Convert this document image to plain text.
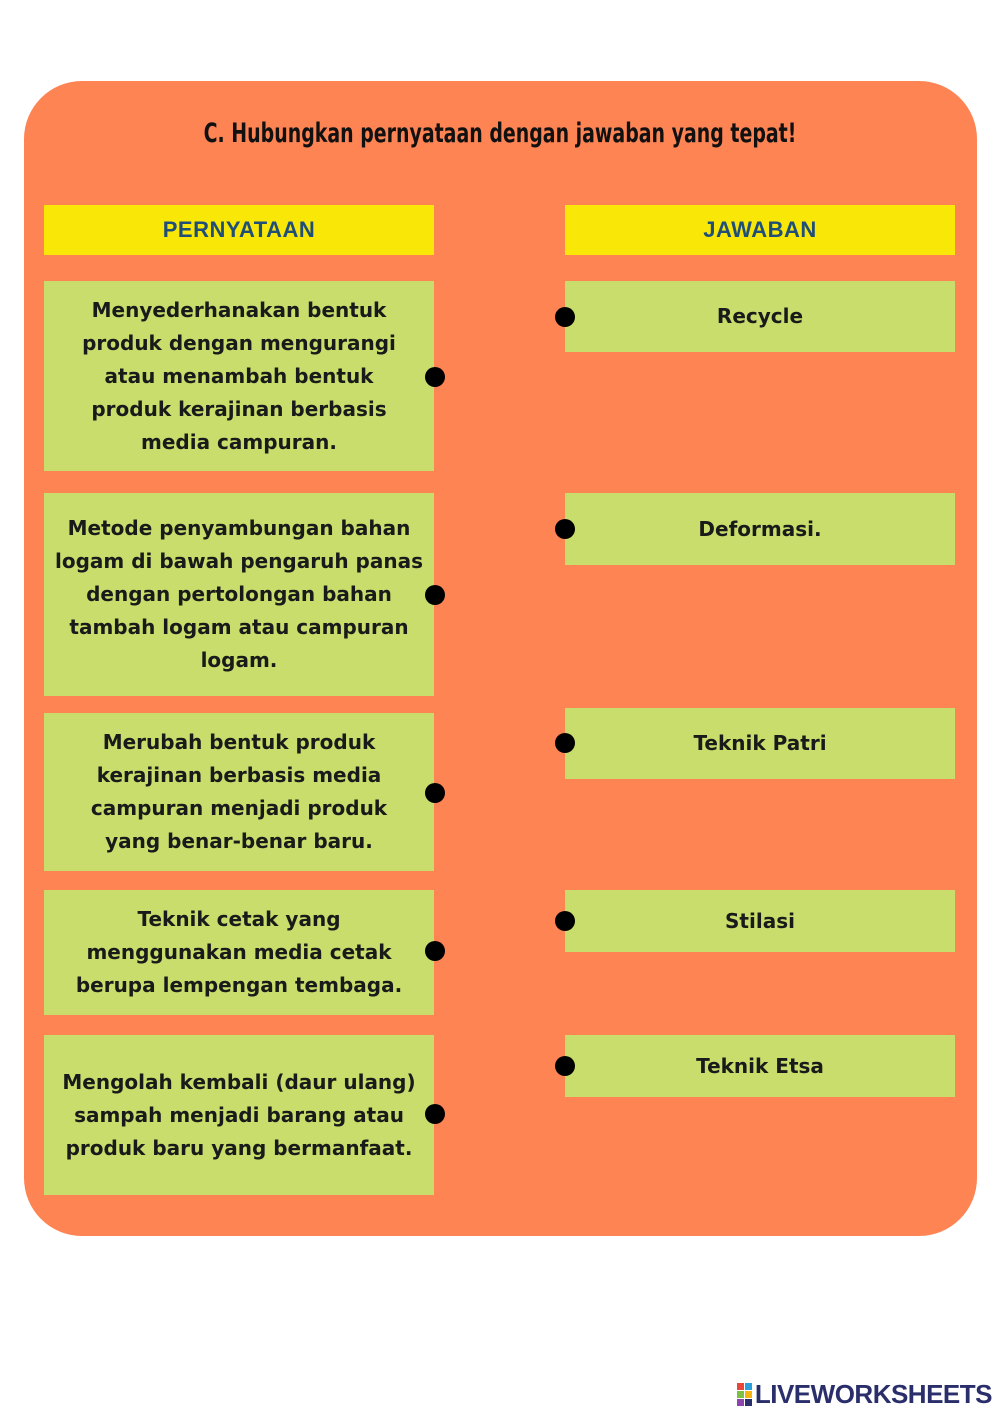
C. Hubungkan pernyataan dengan jawaban yang tepat!
PERNYATAAN	JAWABAN
Menyederhanakan bentuk produk dengan mengurangi atau menambah bentuk produk kerajinan berbasis media campuran.
Metode penyambungan bahan logam di bawah pengaruh panas dengan pertolongan bahan tambah logam atau campuran logam.
Merubah bentuk produk kerajinan berbasis media campuran menjadi produk yang benar-benar baru.
Teknik cetak yang menggunakan media cetak berupa lempengan tembaga.
Mengolah kembali (daur ulang) sampah menjadi barang atau produk baru yang bermanfaat.
Recycle
Deformasi.
Teknik Patri
Stilasi
Teknik Etsa
LIVEWORKSHEETS
